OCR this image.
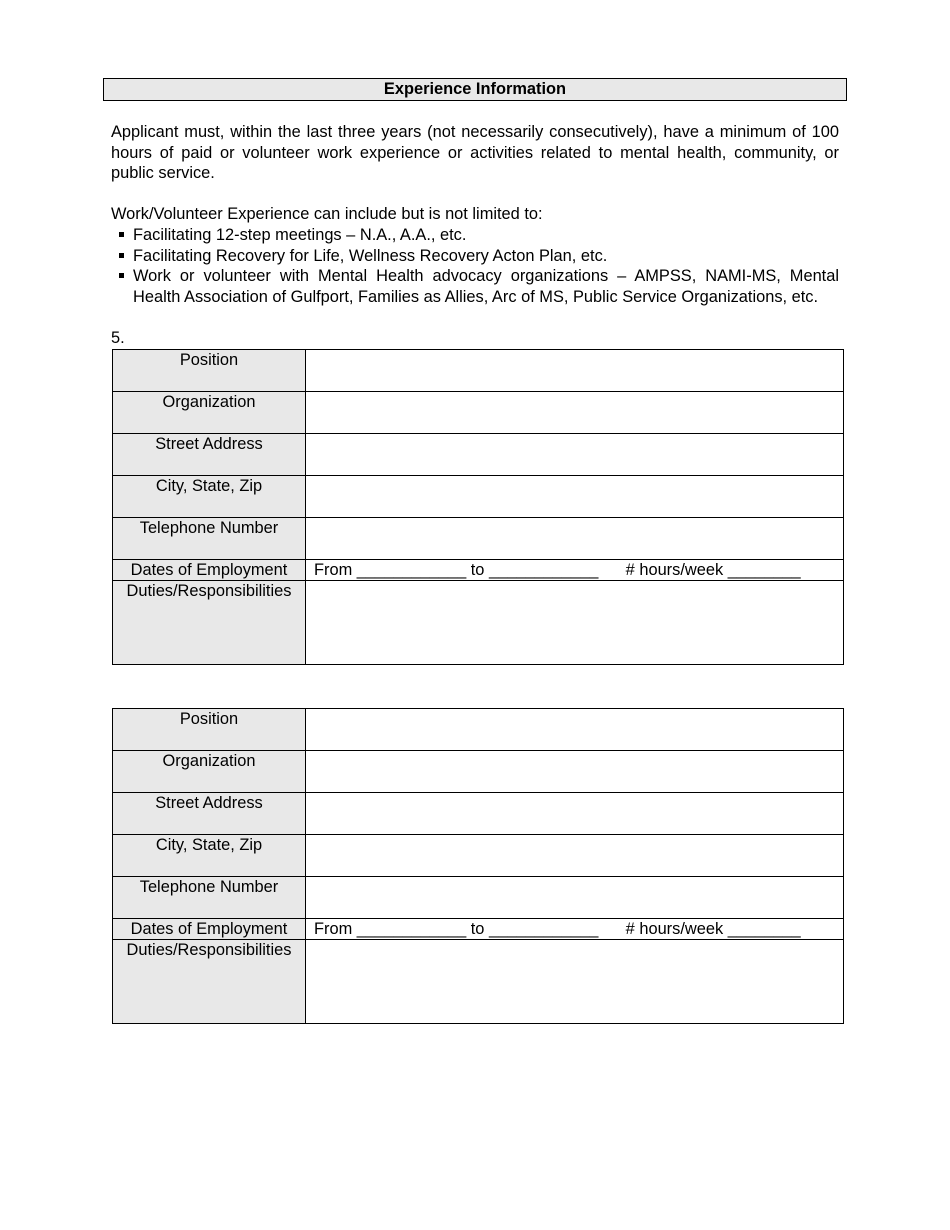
Experience Information

Applicant must, within the last three years (not necessarily consecutively), have a minimum of 100 hours of paid or volunteer work experience or activities related to mental health, community, or public service.

Work/Volunteer Experience can include but is not limited to:

Facilitating 12-step meetings – N.A., A.A., etc.
Facilitating Recovery for Life, Wellness Recovery Acton Plan, etc.
Work or volunteer with Mental Health advocacy organizations – AMPSS, NAMI-MS, Mental Health Association of Gulfport, Families as Allies, Arc of MS, Public Service Organizations, etc.
5.
Position	
Organization	
Street Address	
City, State, Zip	
Telephone Number	
Dates of Employment	From ____________ to ____________      # hours/week ________

Duties/Responsibilities	
Position	
Organization	
Street Address	
City, State, Zip	
Telephone Number	
Dates of Employment	From ____________ to ____________      # hours/week ________

Duties/Responsibilities	
